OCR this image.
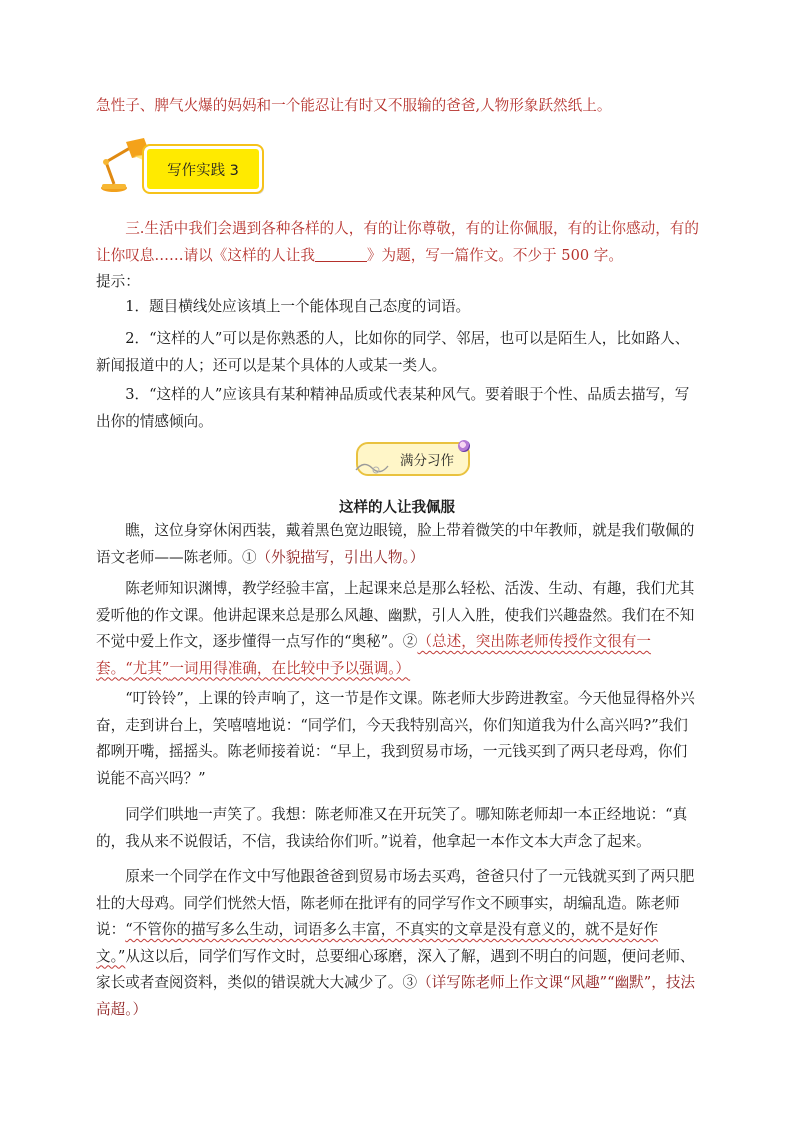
急性子、脾气火爆的妈妈和一个能忍让有时又不服输的爸爸,人物形象跃然纸上。
写作实践 3
三.生活中我们会遇到各种各样的人，有的让你尊敬，有的让你佩服，有的让你感动，有的让你叹息……请以《这样的人让我	》为题，写一篇作文。不少于 500 字。
提示：
1．题目横线处应该填上一个能体现自己态度的词语。
2．“这样的人”可以是你熟悉的人，比如你的同学、邻居，也可以是陌生人，比如路人、新闻报道中的人；还可以是某个具体的人或某一类人。
3．“这样的人”应该具有某种精神品质或代表某种风气。要着眼于个性、品质去描写，写出你的情感倾向。
满分习作
这样的人让我佩服
瞧，这位身穿休闲西装，戴着黑色宽边眼镜，脸上带着微笑的中年教师，就是我们敬佩的语文老师——陈老师。①（外貌描写，引出人物。）
陈老师知识渊博，教学经验丰富，上起课来总是那么轻松、活泼、生动、有趣，我们尤其爱听他的作文课。他讲起课来总是那么风趣、幽默，引人入胜，使我们兴趣盎然。我们在不知不觉中爱上作文，逐步懂得一点写作的“奥秘”。②（总述，突出陈老师传授作文很有一套。“尤其”一词用得准确，在比较中予以强调。）
“叮铃铃”，上课的铃声响了，这一节是作文课。陈老师大步跨进教室。今天他显得格外兴奋，走到讲台上，笑嘻嘻地说：“同学们，今天我特别高兴，你们知道我为什么高兴吗?”我们都咧开嘴，摇摇头。陈老师接着说：“早上，我到贸易市场，一元钱买到了两只老母鸡，你们说能不高兴吗？”
同学们哄地一声笑了。我想：陈老师准又在开玩笑了。哪知陈老师却一本正经地说：“真的，我从来不说假话，不信，我读给你们听。”说着，他拿起一本作文本大声念了起来。
原来一个同学在作文中写他跟爸爸到贸易市场去买鸡，爸爸只付了一元钱就买到了两只肥壮的大母鸡。同学们恍然大悟，陈老师在批评有的同学写作文不顾事实，胡编乱造。陈老师说：“不管你的描写多么生动，词语多么丰富，不真实的文章是没有意义的，就不是好作文。”从这以后，同学们写作文时，总要细心琢磨，深入了解，遇到不明白的问题，便问老师、家长或者查阅资料，类似的错误就大大减少了。③（详写陈老师上作文课“风趣”“幽默”，技法高超。）
